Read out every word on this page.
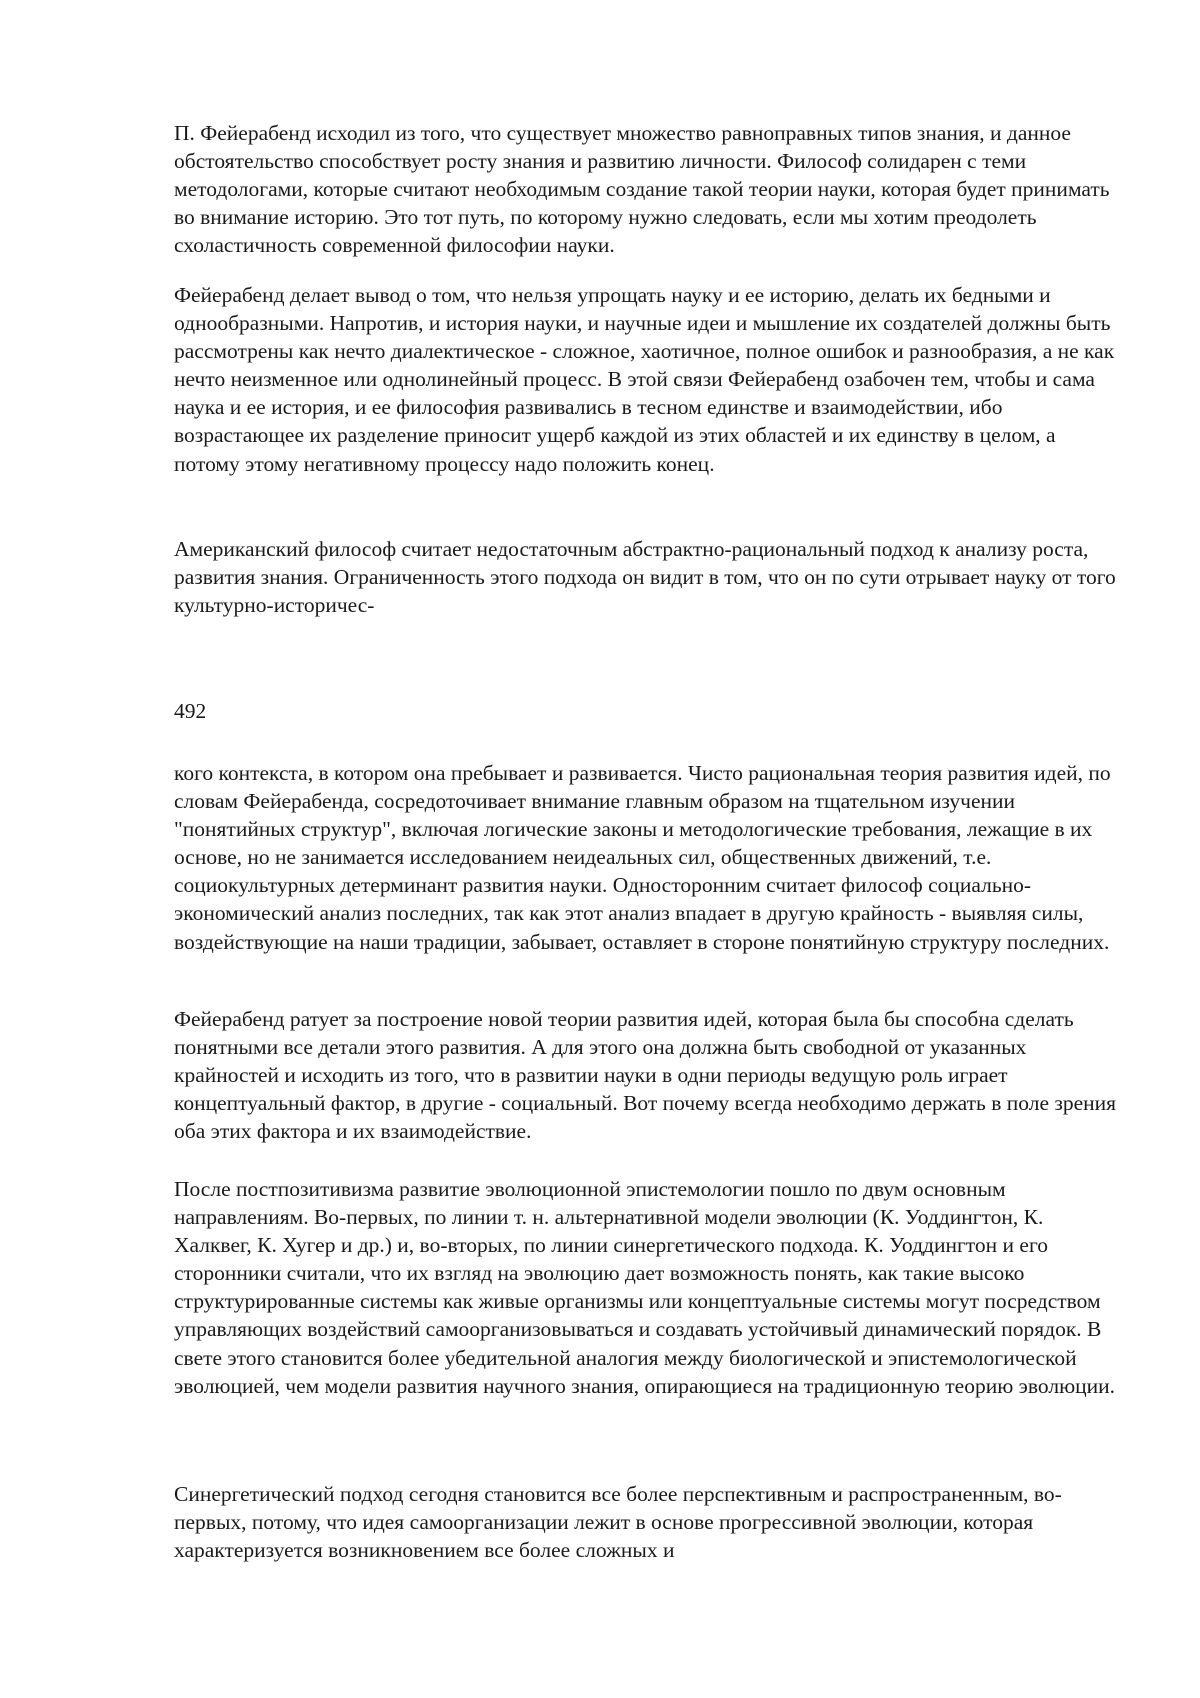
П. Фейерабенд исходил из того, что существует множество равноправных типов знания, и данное обстоятельство способствует росту знания и развитию личности. Философ солидарен с теми методологами, которые считают необходимым создание такой теории науки, которая будет принимать во внимание историю. Это тот путь, по которому нужно следовать, если мы хотим преодолеть схоластичность современной философии науки.

Фейерабенд делает вывод о том, что нельзя упрощать науку и ее историю, делать их бедными и однообразными. Напротив, и история науки, и научные идеи и мышление их создателей должны быть рассмотрены как нечто диалектическое - сложное, хаотичное, полное ошибок и разнообразия, а не как нечто неизменное или однолинейный процесс. В этой связи Фейерабенд озабочен тем, чтобы и сама наука и ее история, и ее философия развивались в тесном единстве и взаимодействии, ибо возрастающее их разделение приносит ущерб каждой из этих областей и их единству в целом, а потому этому негативному процессу надо положить конец.

Американский философ считает недостаточным абстрактно-рациональный подход к анализу роста, развития знания. Ограниченность этого подхода он видит в том, что он по сути отрывает науку от того культурно-историчес-

492

кого контекста, в котором она пребывает и развивается. Чисто рациональная теория развития идей, по словам Фейерабенда, сосредоточивает внимание главным образом на тщательном изучении "понятийных структур", включая логические законы и методологические требования, лежащие в их основе, но не занимается исследованием неидеальных сил, общественных движений, т.е. социокультурных детерминант развития науки. Односторонним считает философ социально-экономический анализ последних, так как этот анализ впадает в другую крайность - выявляя силы, воздействующие на наши традиции, забывает, оставляет в стороне понятийную структуру последних.

Фейерабенд ратует за построение новой теории развития идей, которая была бы способна сделать понятными все детали этого развития. А для этого она должна быть свободной от указанных крайностей и исходить из того, что в развитии науки в одни периоды ведущую роль играет концептуальный фактор, в другие - социальный. Вот почему всегда необходимо держать в поле зрения оба этих фактора и их взаимодействие.

После постпозитивизма развитие эволюционной эпистемологии пошло по двум основным направлениям. Во-первых, по линии т. н. альтернативной модели эволюции (К. Уоддингтон, К. Халквег, К. Хугер и др.) и, во-вторых, по линии синергетического подхода. К. Уоддингтон и его сторонники считали, что их взгляд на эволюцию дает возможность понять, как такие высоко структурированные системы как живые организмы или концептуальные системы могут посредством управляющих воздействий самоорганизовываться и создавать устойчивый динамический порядок. В свете этого становится более убедительной аналогия между биологической и эпистемологической эволюцией, чем модели развития научного знания, опирающиеся на традиционную теорию эволюции.

Синергетический подход сегодня становится все более перспективным и распространенным, во-первых, потому, что идея самоорганизации лежит в основе прогрессивной эволюции, которая характеризуется возникновением все более сложных и
